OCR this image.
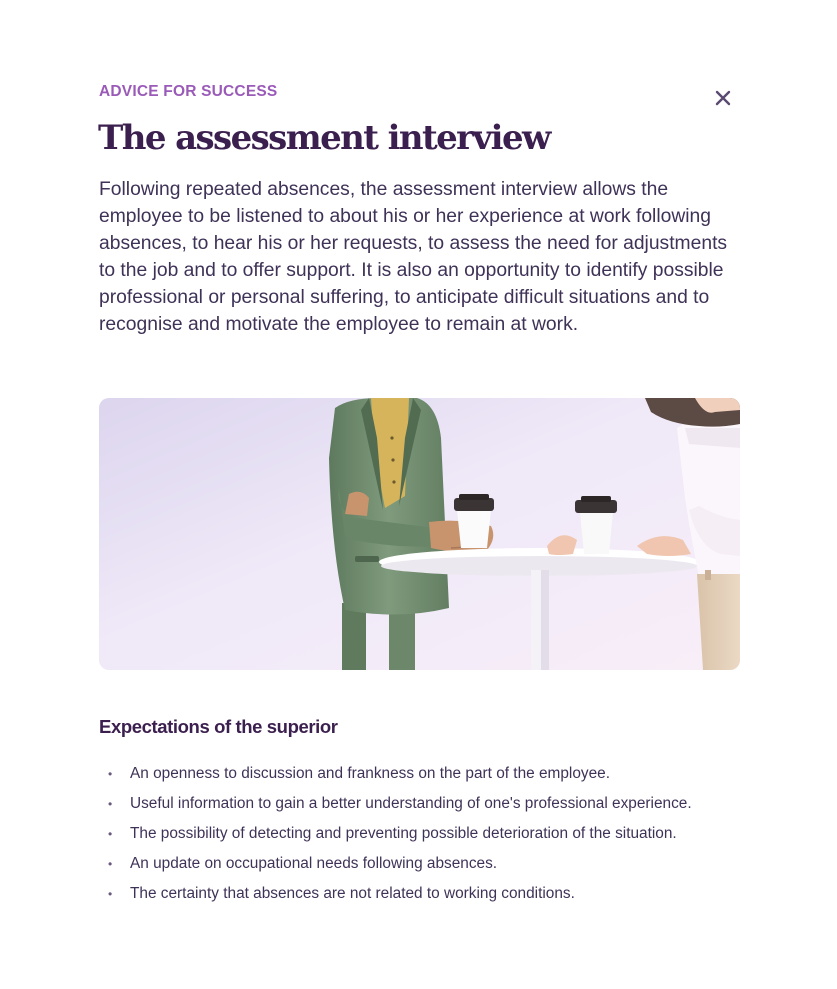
ADVICE FOR SUCCESS
The assessment interview

Following repeated absences, the assessment interview allows the employee to be listened to about his or her experience at work following absences, to hear his or her requests, to assess the need for adjustments to the job and to offer support. It is also an opportunity to identify possible professional or personal suffering, to anticipate difficult situations and to recognise and motivate the employee to remain at work.

Expectations of the superior
• An openness to discussion and frankness on the part of the employee.
• Useful information to gain a better understanding of one's professional experience.
• The possibility of detecting and preventing possible deterioration of the situation.
• An update on occupational needs following absences.
• The certainty that absences are not related to working conditions.
